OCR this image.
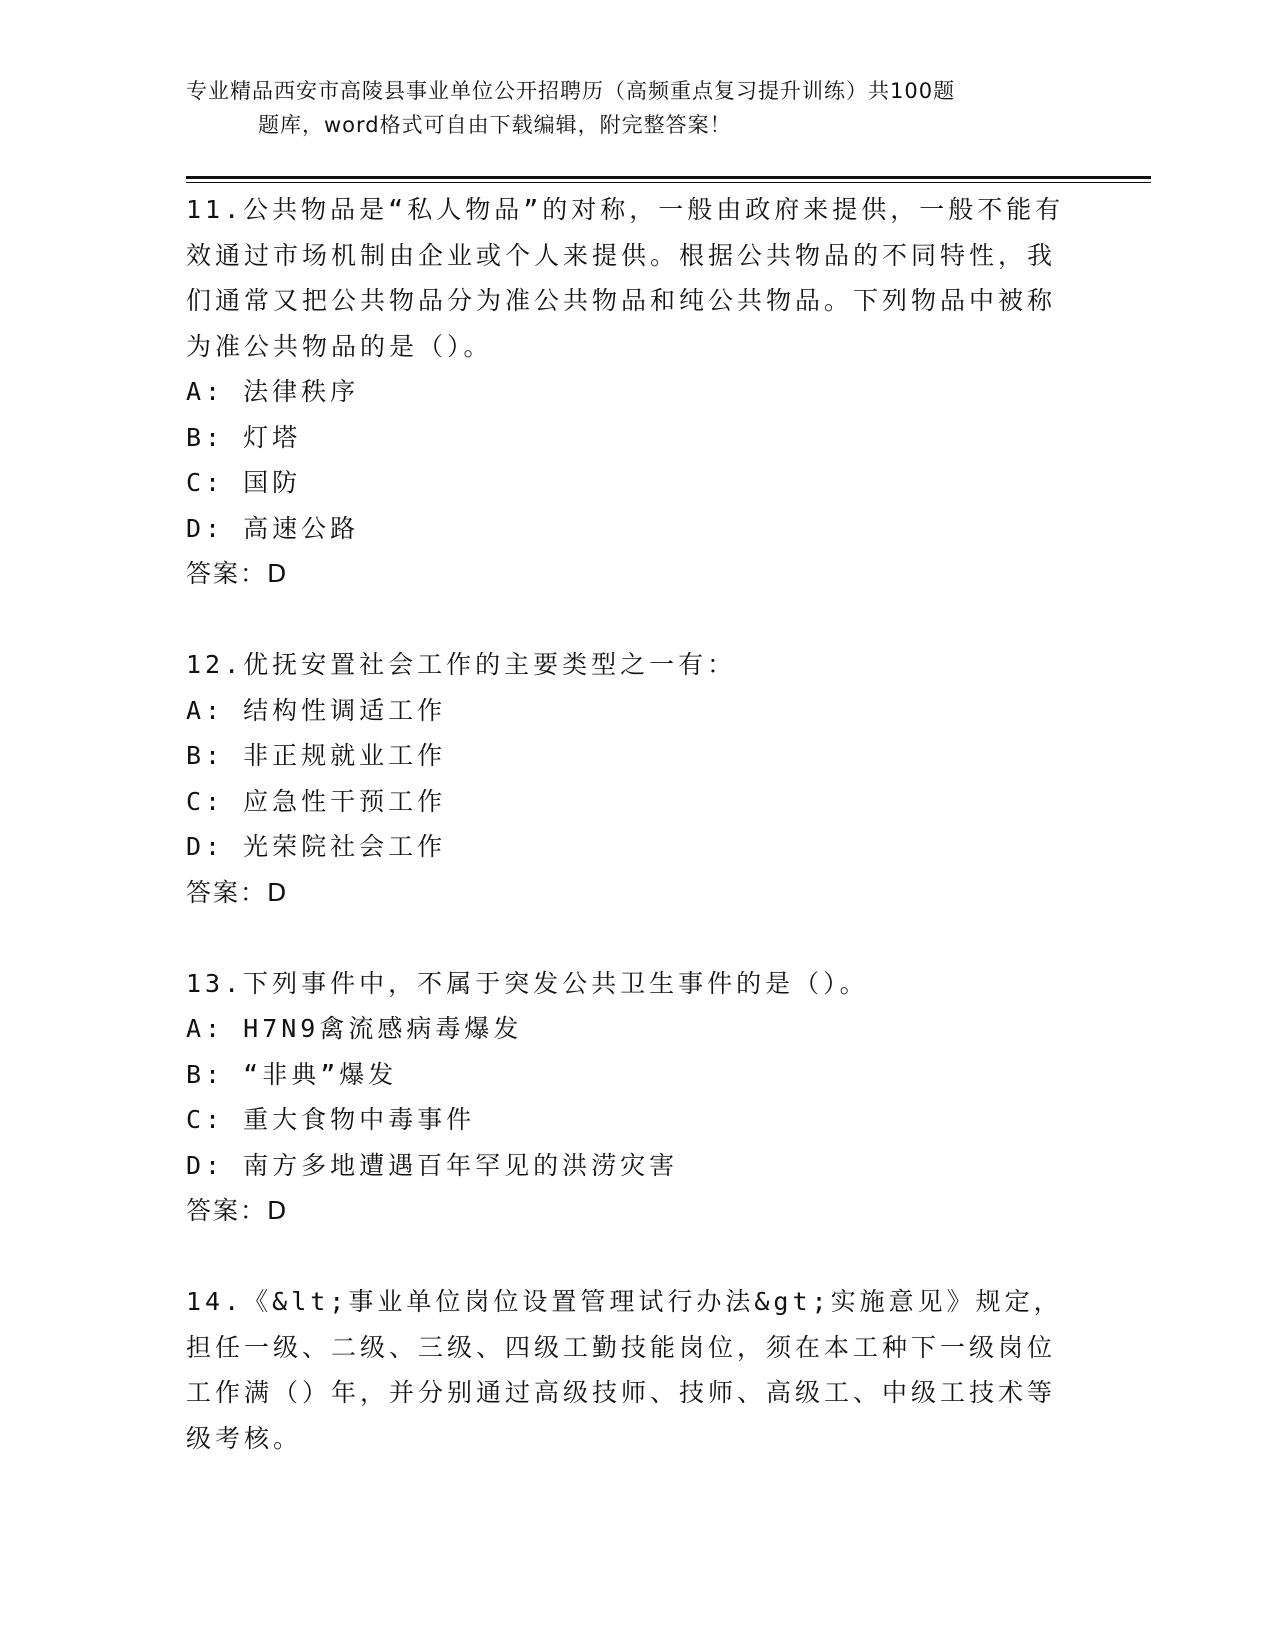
专业精品西安市高陵县事业单位公开招聘历（高频重点复习提升训练）共100题
题库，word格式可自由下载编辑，附完整答案！

11.公共物品是“私人物品”的对称，一般由政府来提供，一般不能有效通过市场机制由企业或个人来提供。根据公共物品的不同特性，我们通常又把公共物品分为准公共物品和纯公共物品。下列物品中被称为准公共物品的是（）。

A: 法律秩序

B: 灯塔

C: 国防

D: 高速公路

答案：D

12.优抚安置社会工作的主要类型之一有：

A: 结构性调适工作

B: 非正规就业工作

C: 应急性干预工作

D: 光荣院社会工作

答案：D

13.下列事件中，不属于突发公共卫生事件的是（）。

A: H7N9禽流感病毒爆发

B: “非典”爆发

C: 重大食物中毒事件

D: 南方多地遭遇百年罕见的洪涝灾害

答案：D

14.《&lt;事业单位岗位设置管理试行办法&gt;实施意见》规定，担任一级、二级、三级、四级工勤技能岗位，须在本工种下一级岗位工作满（）年，并分别通过高级技师、技师、高级工、中级工技术等级考核。
